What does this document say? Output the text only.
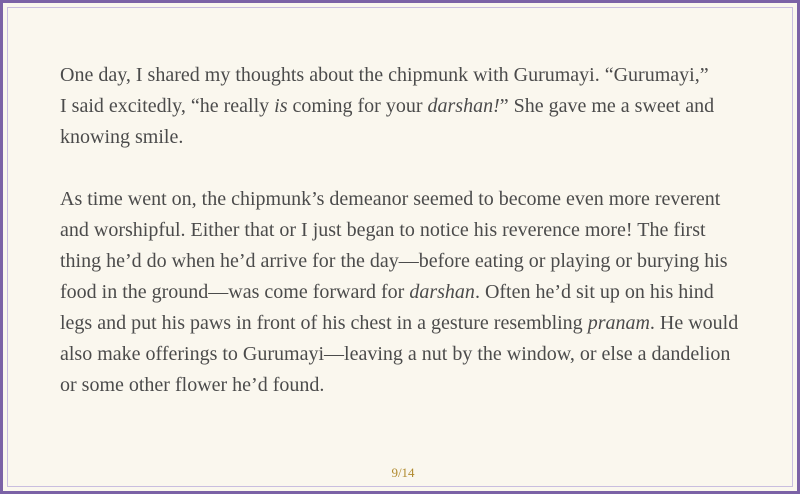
One day, I shared my thoughts about the chipmunk with Gurumayi. “Gurumayi,”
I said excitedly, “he really is coming for your darshan!” She gave me a sweet and
knowing smile.

As time went on, the chipmunk’s demeanor seemed to become even more reverent
and worshipful. Either that or I just began to notice his reverence more! The first
thing he’d do when he’d arrive for the day—before eating or playing or burying his
food in the ground—was come forward for darshan. Often he’d sit up on his hind
legs and put his paws in front of his chest in a gesture resembling pranam. He would
also make offerings to Gurumayi—leaving a nut by the window, or else a dandelion
or some other flower he’d found.

9/14
